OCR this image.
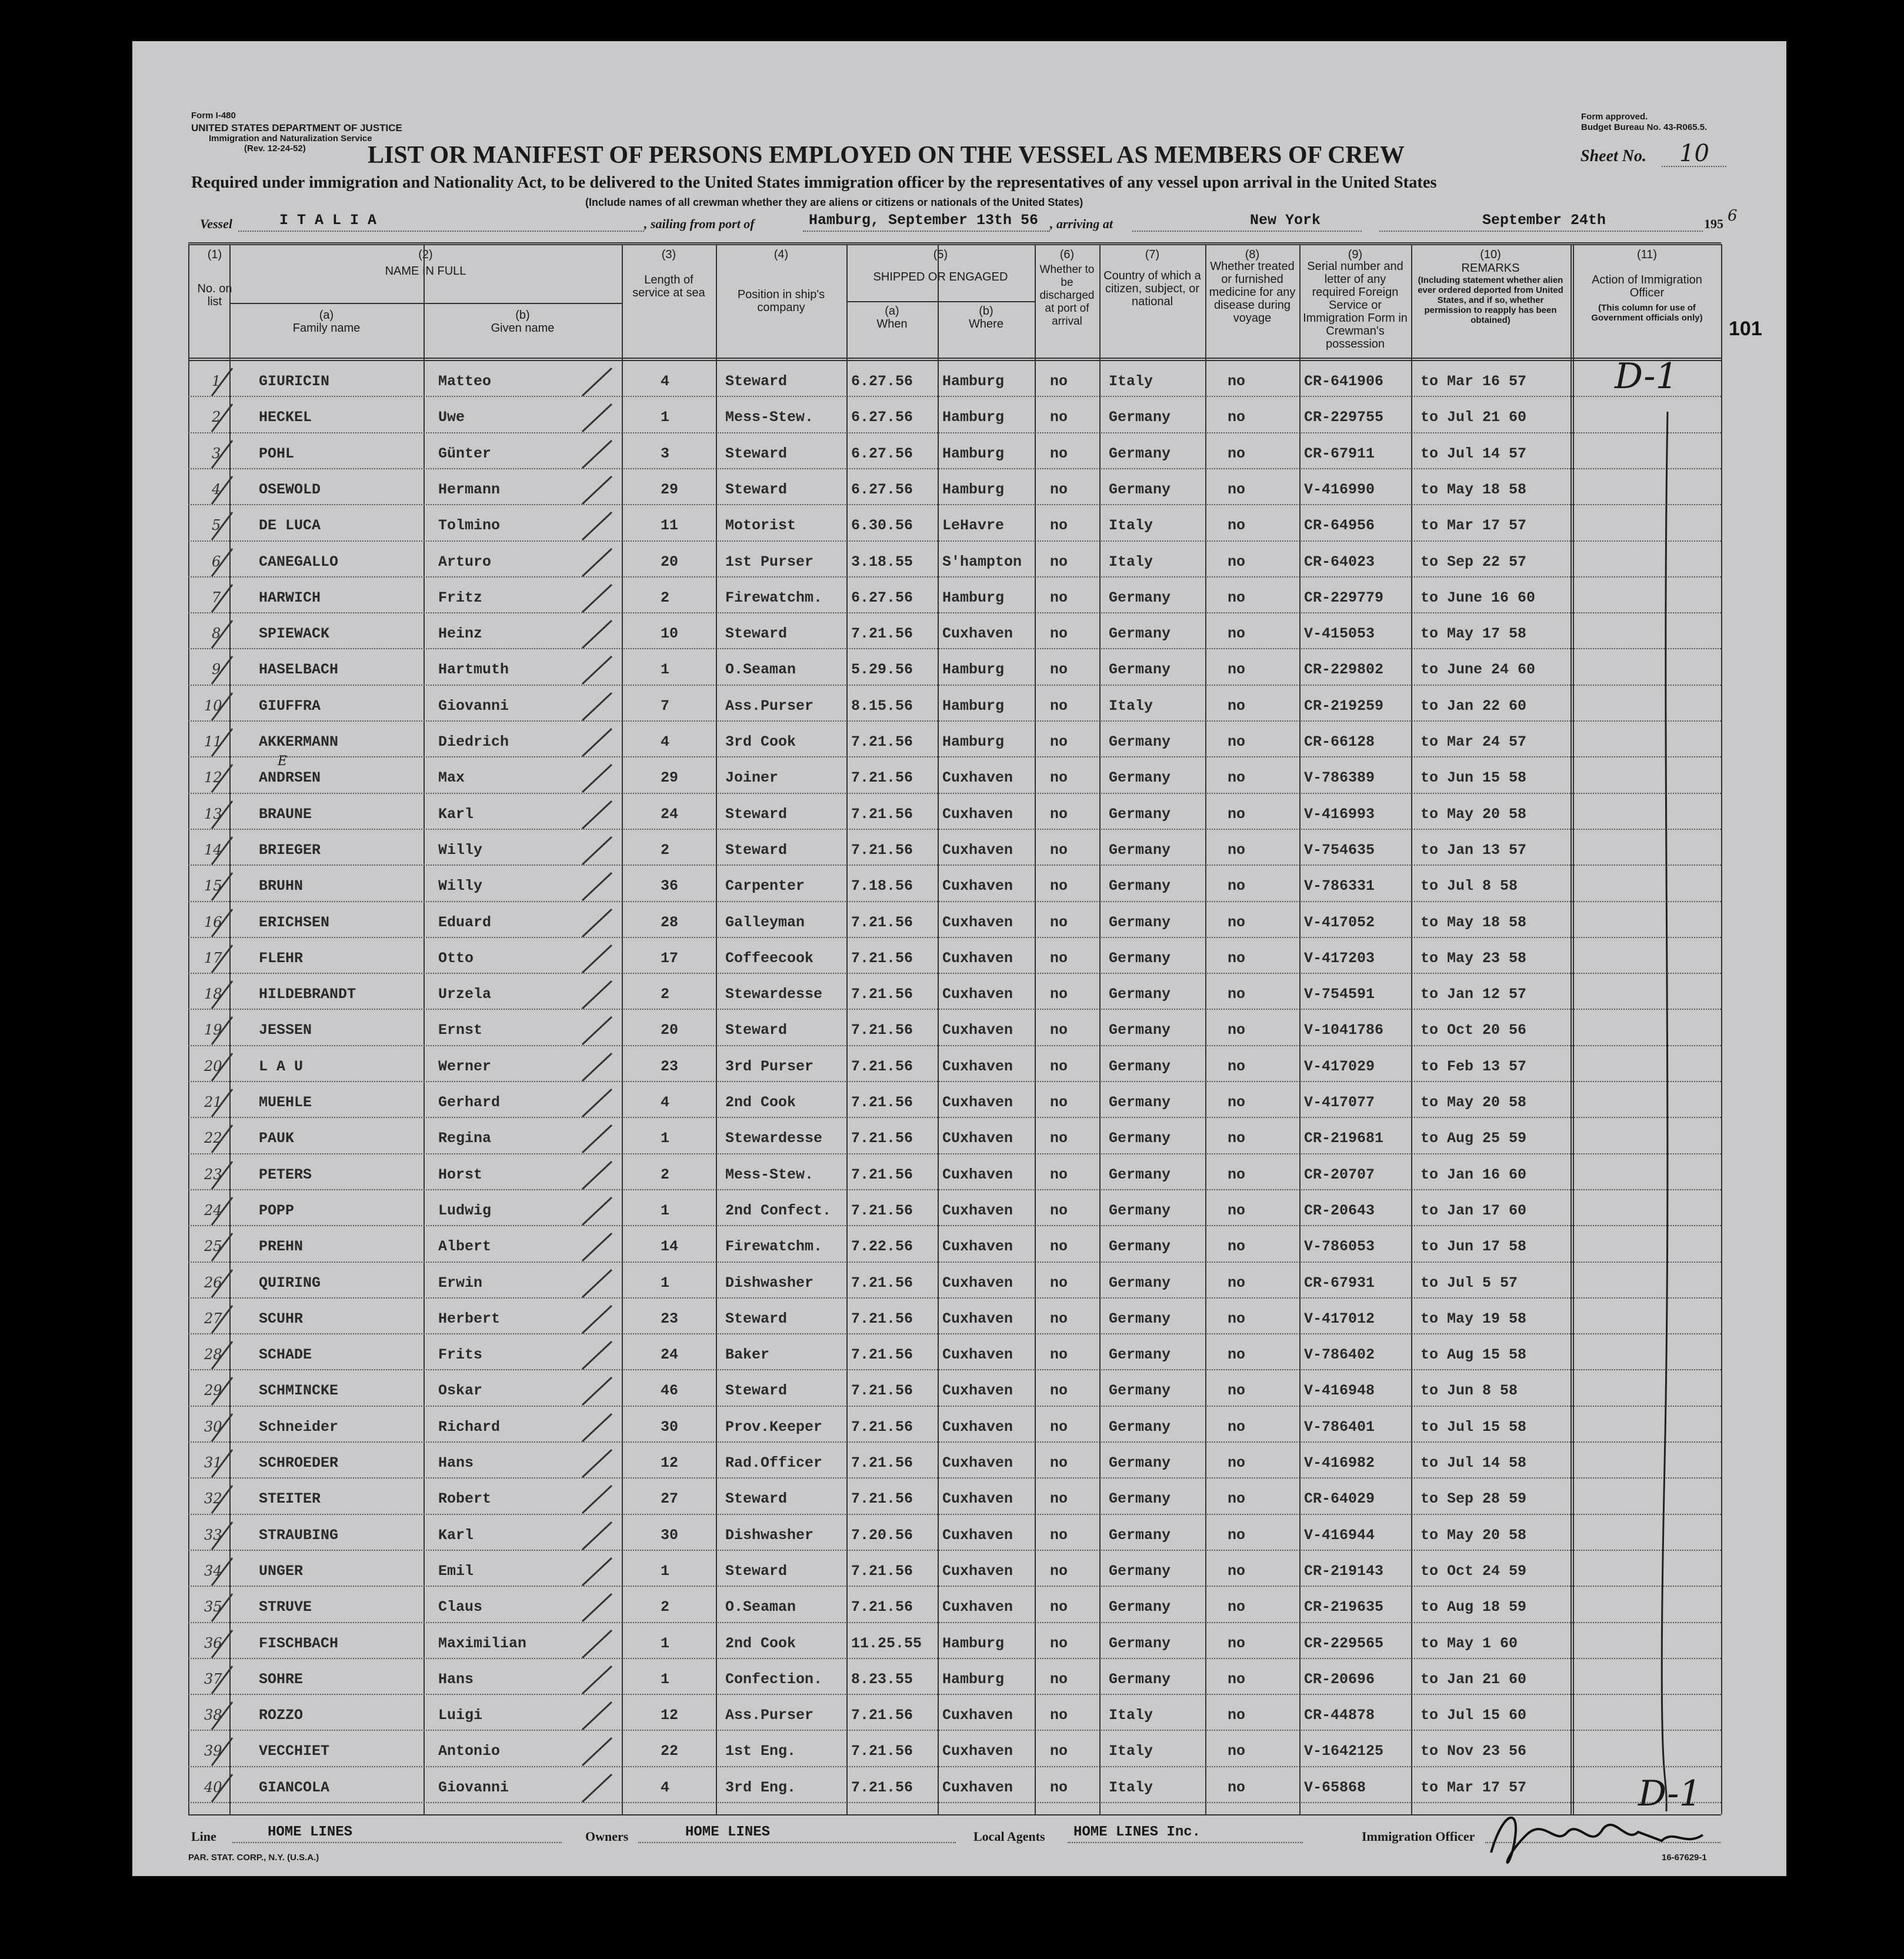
Form I-480
UNITED STATES DEPARTMENT OF JUSTICE
Immigration and Naturalization Service
(Rev. 12-24-52)
Form approved.
Budget Bureau No. 43-R065.5.
LIST OR MANIFEST OF PERSONS EMPLOYED ON THE VESSEL AS MEMBERS OF CREW	Sheet No. 10
Required under immigration and Nationality Act, to be delivered to the United States immigration officer by the representatives of any vessel upon arrival in the United States
(Include names of all crewman whether they are aliens or citizens or nationals of the United States)
Vessel	I T A L I A	, sailing from port of	Hamburg, September 13th 56 , arriving at	New York	September 24th	195 6
101
(1)
No. on list
(2)
NAME IN FULL
(a)
Family name
(b)
Given name
(3)
Length of service at sea
(4)
Position in ship's company
(5)
SHIPPED OR ENGAGED
(a)
When
(b)
Where
(6)
Whether to be discharged at port of arrival
(7)
Country of which a citizen, subject, or national
(8)
Whether treated or furnished medicine for any disease during voyage
(9)
Serial number and letter of any required Foreign Service or Immigration Form in Crewman's possession
(10)
REMARKS
(Including statement whether alien ever ordered deported from United States, and if so, whether permission to reapply has been obtained)
(11)
Action of Immigration Officer
(This column for use of Government officials only)
1	GIURICIN	Matteo	4	Steward	6.27.56 Hamburg	no	Italy	no	CR-641906	to Mar 16 57
2	HECKEL	Uwe	1	Mess-Stew.	6.27.56 Hamburg	no	Germany	no	CR-229755	to Jul 21 60
3	POHL	Günter	3	Steward	6.27.56 Hamburg	no	Germany	no	CR-67911	to Jul 14 57
4	OSEWOLD	Hermann	29	Steward	6.27.56 Hamburg	no	Germany	no	V-416990	to May 18 58
5	DE LUCA	Tolmino	11	Motorist	6.30.56 LeHavre	no	Italy	no	CR-64956	to Mar 17 57
6	CANEGALLO	Arturo	20	1st Purser	3.18.55 S'hampton no	Italy	no	CR-64023	to Sep 22 57
7	HARWICH	Fritz	2	Firewatchm. 6.27.56 Hamburg	no	Germany	no	CR-229779	to June 16 60
8	SPIEWACK	Heinz	10	Steward	7.21.56 Cuxhaven	no	Germany	no	V-415053	to May 17 58
9	HASELBACH	Hartmuth	1	O.Seaman	5.29.56 Hamburg	no	Germany	no	CR-229802	to June 24 60
10 GIUFFRA	Giovanni	7	Ass.Purser	8.15.56 Hamburg	no	Italy	no	CR-219259	to Jan 22 60
11 AKKERMANN	Diedrich	4	3rd Cook	7.21.56 Hamburg	no	Germany	no	CR-66128	to Mar 24 57
12 ANDRSEN	Max	29	Joiner	7.21.56 Cuxhaven	no	Germany	no	V-786389	to Jun 15 58
13 BRAUNE	Karl	24	Steward	7.21.56 Cuxhaven	no	Germany	no	V-416993	to May 20 58
14 BRIEGER	Willy	2	Steward	7.21.56 Cuxhaven	no	Germany	no	V-754635	to Jan 13 57
15 BRUHN	Willy	36	Carpenter	7.18.56 Cuxhaven	no	Germany	no	V-786331	to Jul 8 58
16 ERICHSEN	Eduard	28	Galleyman	7.21.56 Cuxhaven	no	Germany	no	V-417052	to May 18 58
17 FLEHR	Otto	17	Coffeecook	7.21.56 Cuxhaven	no	Germany	no	V-417203	to May 23 58
18 HILDEBRANDT	Urzela	2	Stewardesse 7.21.56 Cuxhaven	no	Germany	no	V-754591	to Jan 12 57
19 JESSEN	Ernst	20	Steward	7.21.56 Cuxhaven	no	Germany	no	V-1041786	to Oct 20 56
20 L A U	Werner	23	3rd Purser	7.21.56 Cuxhaven	no	Germany	no	V-417029	to Feb 13 57
21 MUEHLE	Gerhard	4	2nd Cook	7.21.56 Cuxhaven	no	Germany	no	V-417077	to May 20 58
22 PAUK	Regina	1	Stewardesse 7.21.56 CUxhaven	no	Germany	no	CR-219681	to Aug 25 59
23 PETERS	Horst	2	Mess-Stew.	7.21.56 Cuxhaven	no	Germany	no	CR-20707	to Jan 16 60
24 POPP	Ludwig	1	2nd Confect. 7.21.56 Cuxhaven	no	Germany	no	CR-20643	to Jan 17 60
25 PREHN	Albert	14	Firewatchm. 7.22.56 Cuxhaven	no	Germany	no	V-786053	to Jun 17 58
26 QUIRING	Erwin	1	Dishwasher	7.21.56 Cuxhaven	no	Germany	no	CR-67931	to Jul 5 57
27 SCUHR	Herbert	23	Steward	7.21.56 Cuxhaven	no	Germany	no	V-417012	to May 19 58
28 SCHADE	Frits	24	Baker	7.21.56 Cuxhaven	no	Germany	no	V-786402	to Aug 15 58
29 SCHMINCKE	Oskar	46	Steward	7.21.56 Cuxhaven	no	Germany	no	V-416948	to Jun 8 58
30 Schneider	Richard	30	Prov.Keeper 7.21.56 Cuxhaven	no	Germany	no	V-786401	to Jul 15 58
31 SCHROEDER	Hans	12	Rad.Officer 7.21.56 Cuxhaven	no	Germany	no	V-416982	to Jul 14 58
32 STEITER	Robert	27	Steward	7.21.56 Cuxhaven	no	Germany	no	CR-64029	to Sep 28 59
33 STRAUBING	Karl	30	Dishwasher	7.20.56 Cuxhaven	no	Germany	no	V-416944	to May 20 58
34 UNGER	Emil	1	Steward	7.21.56 Cuxhaven	no	Germany	no	CR-219143	to Oct 24 59
35 STRUVE	Claus	2	O.Seaman	7.21.56 Cuxhaven	no	Germany	no	CR-219635	to Aug 18 59
36 FISCHBACH	Maximilian	1	2nd Cook	11.25.55 Hamburg	no	Germany	no	CR-229565	to May 1 60
37 SOHRE	Hans	1	Confection. 8.23.55 Hamburg	no	Germany	no	CR-20696	to Jan 21 60
38 ROZZO	Luigi	12	Ass.Purser	7.21.56 Cuxhaven	no	Italy	no	CR-44878	to Jul 15 60
39 VECCHIET	Antonio	22	1st Eng.	7.21.56 Cuxhaven	no	Italy	no	V-1642125	to Nov 23 56
40 GIANCOLA	Giovanni	4	3rd Eng.	7.21.56 Cuxhaven	no	Italy	no	V-65868	to Mar 17 57
E
D-1
D-1
Line	HOME LINES	Owners	HOME LINES	Local Agents HOME LINES Inc.	Immigration Officer
PAR. STAT. CORP., N.Y. (U.S.A.)	16-67629-1
